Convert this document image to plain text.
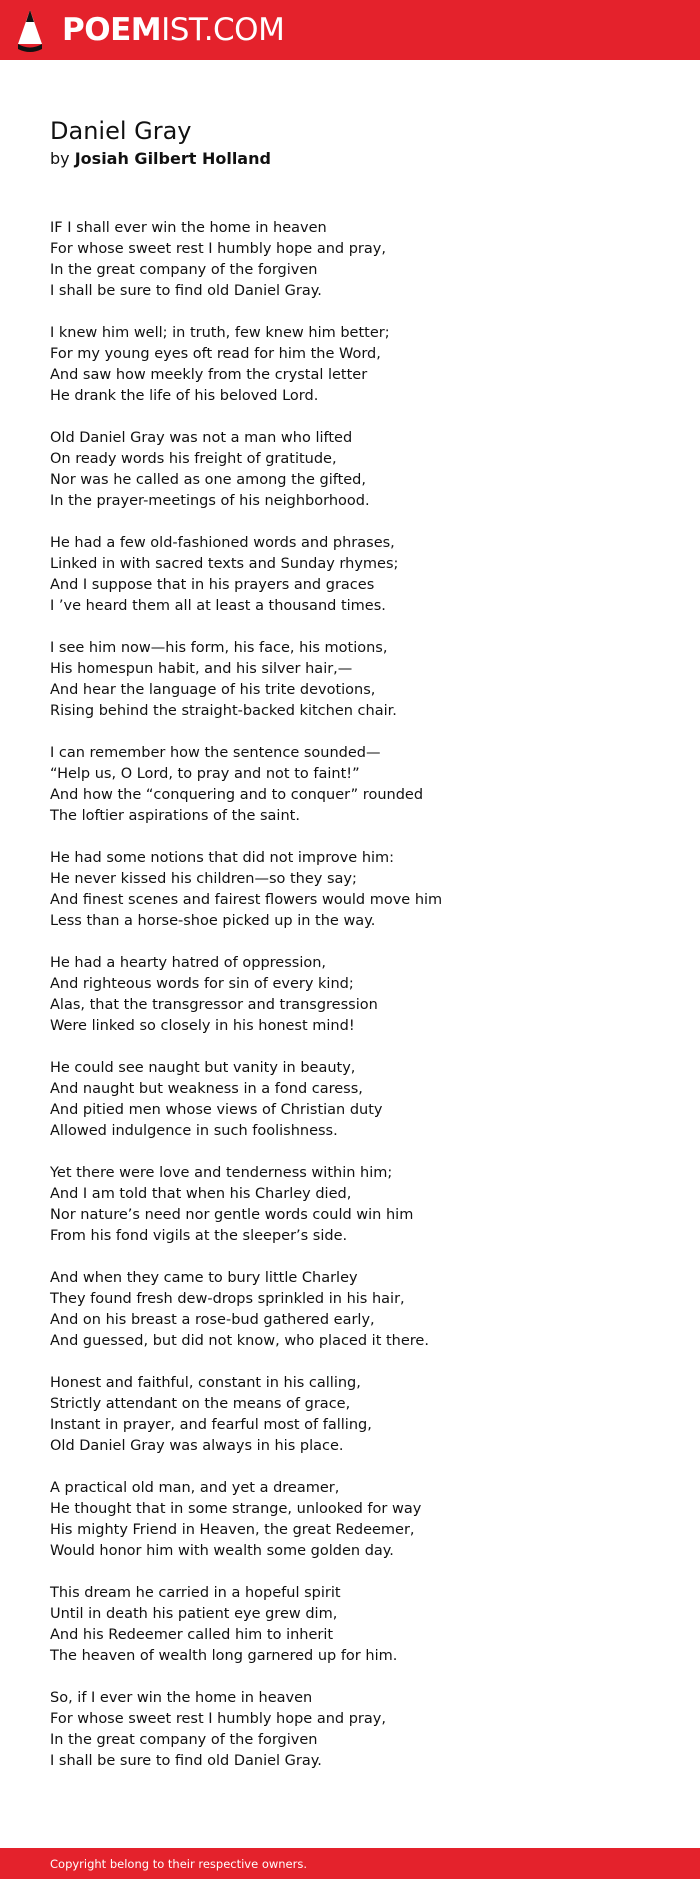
POEMIST.COM
Daniel Gray
by Josiah Gilbert Holland
IF I shall ever win the home in heaven
For whose sweet rest I humbly hope and pray,
In the great company of the forgiven
I shall be sure to find old Daniel Gray.
I knew him well; in truth, few knew him better;
For my young eyes oft read for him the Word,
And saw how meekly from the crystal letter
He drank the life of his beloved Lord.
Old Daniel Gray was not a man who lifted
On ready words his freight of gratitude,
Nor was he called as one among the gifted,
In the prayer-meetings of his neighborhood.
He had a few old-fashioned words and phrases,
Linked in with sacred texts and Sunday rhymes;
And I suppose that in his prayers and graces
I ’ve heard them all at least a thousand times.
I see him now—his form, his face, his motions,
His homespun habit, and his silver hair,—
And hear the language of his trite devotions,
Rising behind the straight-backed kitchen chair.
I can remember how the sentence sounded—
“Help us, O Lord, to pray and not to faint!”
And how the “conquering and to conquer” rounded
The loftier aspirations of the saint.
He had some notions that did not improve him:
He never kissed his children—so they say;
And finest scenes and fairest flowers would move him
Less than a horse-shoe picked up in the way.
He had a hearty hatred of oppression,
And righteous words for sin of every kind;
Alas, that the transgressor and transgression
Were linked so closely in his honest mind!
He could see naught but vanity in beauty,
And naught but weakness in a fond caress,
And pitied men whose views of Christian duty
Allowed indulgence in such foolishness.
Yet there were love and tenderness within him;
And I am told that when his Charley died,
Nor nature’s need nor gentle words could win him
From his fond vigils at the sleeper’s side.
And when they came to bury little Charley
They found fresh dew-drops sprinkled in his hair,
And on his breast a rose-bud gathered early,
And guessed, but did not know, who placed it there.
Honest and faithful, constant in his calling,
Strictly attendant on the means of grace,
Instant in prayer, and fearful most of falling,
Old Daniel Gray was always in his place.
A practical old man, and yet a dreamer,
He thought that in some strange, unlooked for way
His mighty Friend in Heaven, the great Redeemer,
Would honor him with wealth some golden day.
This dream he carried in a hopeful spirit
Until in death his patient eye grew dim,
And his Redeemer called him to inherit
The heaven of wealth long garnered up for him.
So, if I ever win the home in heaven
For whose sweet rest I humbly hope and pray,
In the great company of the forgiven
I shall be sure to find old Daniel Gray.
Copyright belong to their respective owners.
